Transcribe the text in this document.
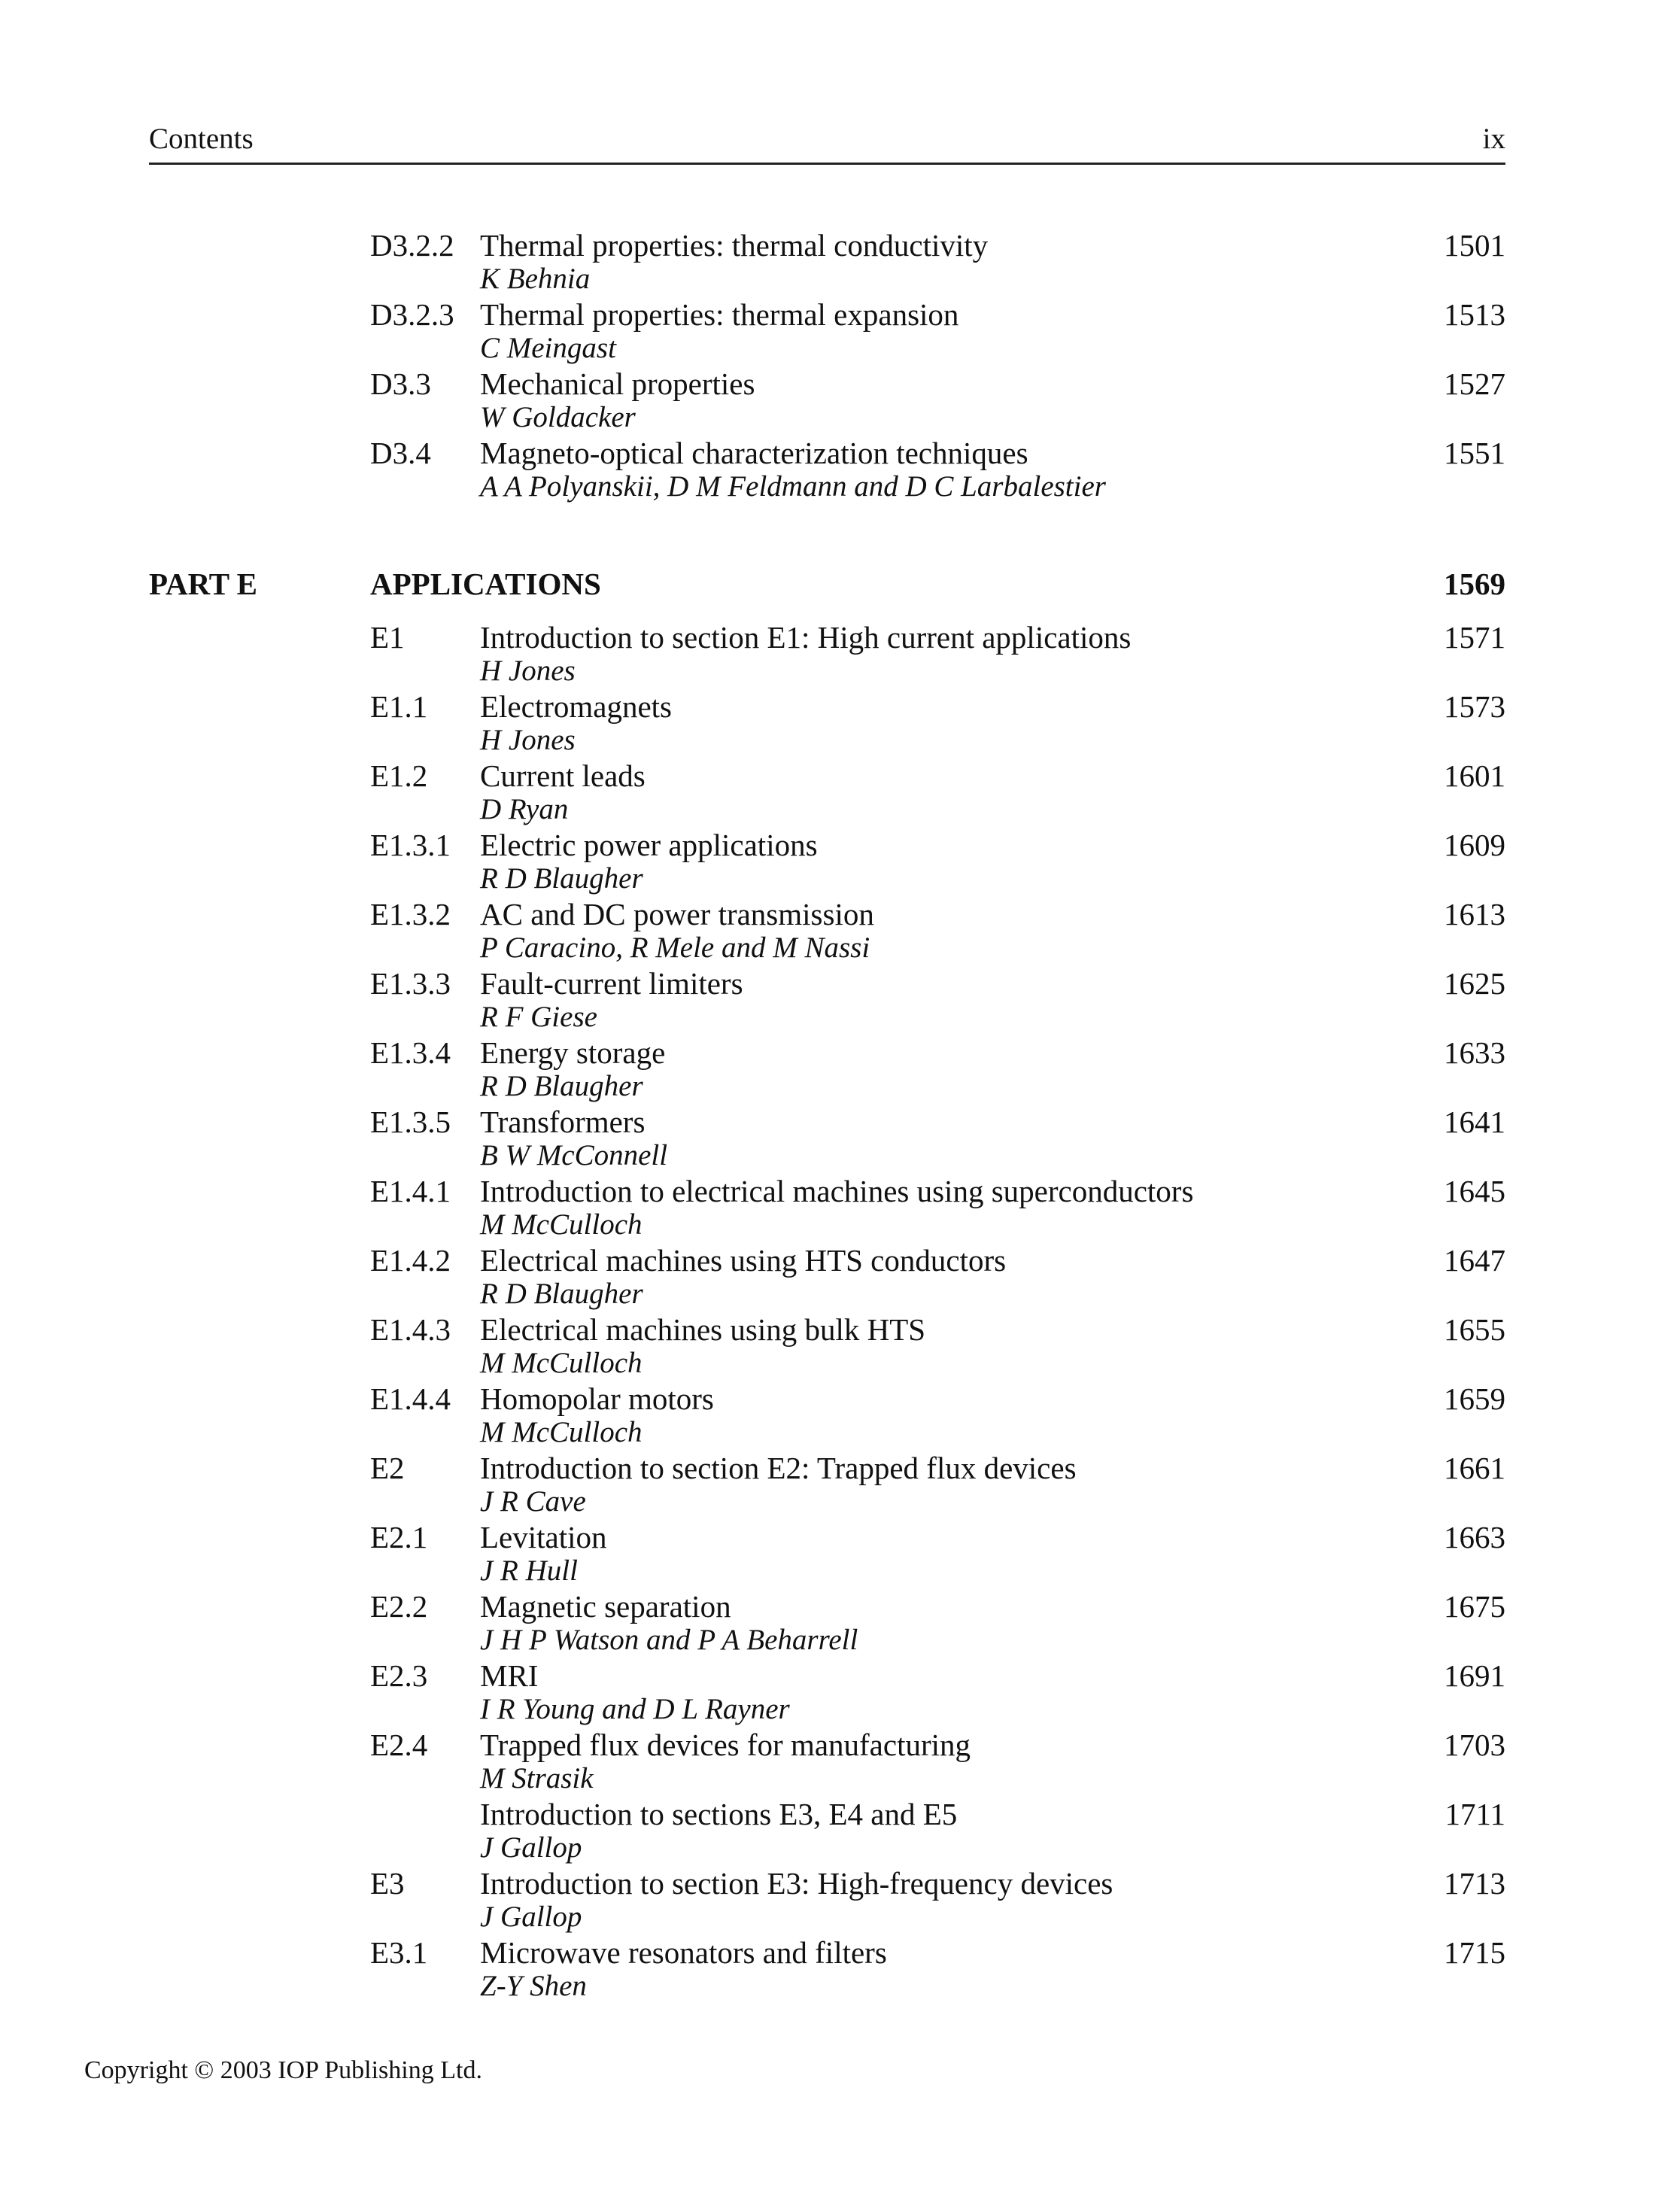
Contents	ix
D3.2.2 Thermal properties: thermal conductivity	1501
K Behnia
D3.2.3 Thermal properties: thermal expansion	1513
C Meingast
D3.3 Mechanical properties	1527
W Goldacker
D3.4 Magneto-optical characterization techniques	1551
A A Polyanskii, D M Feldmann and D C Larbalestier
PART E	APPLICATIONS	1569
E1 Introduction to section E1: High current applications	1571
H Jones
E1.1 Electromagnets	1573
H Jones
E1.2 Current leads	1601
D Ryan
E1.3.1 Electric power applications	1609
R D Blaugher
E1.3.2 AC and DC power transmission	1613
P Caracino, R Mele and M Nassi
E1.3.3 Fault-current limiters	1625
R F Giese
E1.3.4 Energy storage	1633
R D Blaugher
E1.3.5 Transformers	1641
B W McConnell
E1.4.1 Introduction to electrical machines using superconductors	1645
M McCulloch
E1.4.2 Electrical machines using HTS conductors	1647
R D Blaugher
E1.4.3 Electrical machines using bulk HTS	1655
M McCulloch
E1.4.4 Homopolar motors	1659
M McCulloch
E2 Introduction to section E2: Trapped flux devices	1661
J R Cave
E2.1 Levitation	1663
J R Hull
E2.2 Magnetic separation	1675
J H P Watson and P A Beharrell
E2.3 MRI	1691
I R Young and D L Rayner
E2.4 Trapped flux devices for manufacturing	1703
M Strasik
Introduction to sections E3, E4 and E5	1711
J Gallop
E3 Introduction to section E3: High-frequency devices	1713
J Gallop
E3.1 Microwave resonators and filters	1715
Z-Y Shen
Copyright © 2003 IOP Publishing Ltd.
